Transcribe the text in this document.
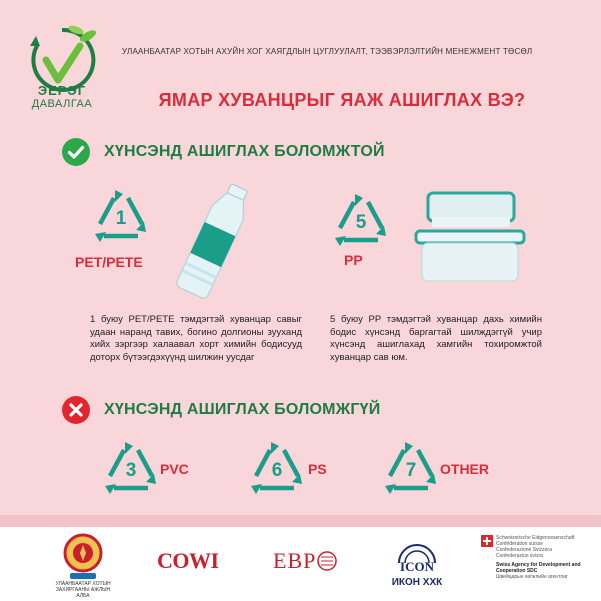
ЭЕРЭГ
ДАВАЛГАА
УЛААНБААТАР ХОТЫН АХУЙН ХОГ ХАЯГДЛЫН ЦУГЛУУЛАЛТ, ТЭЭВЭРЛЭЛТИЙН МЕНЕЖМЕНТ ТӨСӨЛ
ЯМАР ХУВАНЦРЫГ ЯАЖ АШИГЛАХ ВЭ?
ХҮНСЭНД АШИГЛАХ БОЛОМЖТОЙ
1
PET/PETE
5
PP
1 буюу PET/PETE тэмдэгтэй хуванцар савыг удаан наранд тавих, богино долгионы зууханд хийх зэргээр халаавал хорт химийн бодисууд доторх бүтээгдэхүүнд шилжин уусдаг
5 буюу PP тэмдэгтэй хуванцар дахь химийн бодис хүнсэнд баргагтай шилждэггүй учир хүнсэнд ашиглахад хамгийн тохиромжтой хуванцар сав юм.
ХҮНСЭНД АШИГЛАХ БОЛОМЖГҮЙ
3	PVC	6	PS	7	OTHER
УЛААНБААТАР ХОТЫН ЗАХИРГААНЫ АЖЛЫН АЛБА
COWI EBP	ICON
ИКОН ХХК
Schweizerische Eidgenossenschaft
Confédération suisse
Confederazione Svizzera
Confederaziun svizra
Swiss Agency for Development and Cooperation SDC
Швейцарын хөгжлийн агентлаг
